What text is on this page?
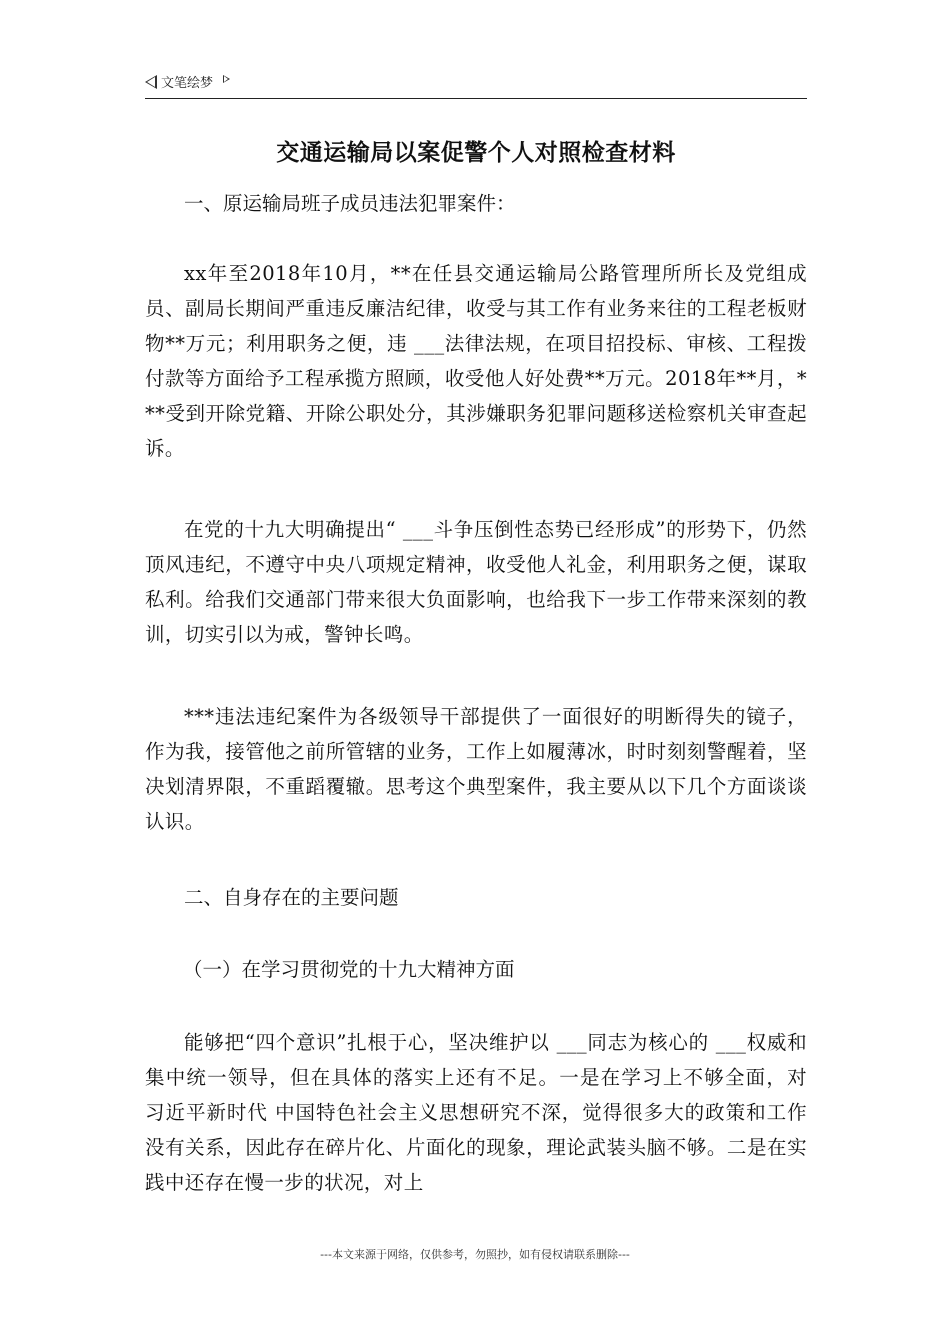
文笔绘梦
交通运输局以案促警个人对照检查材料
一、原运输局班子成员违法犯罪案件：
xx年至2018年10月，**在任县交通运输局公路管理所所长及党组成员、副局长期间严重违反廉洁纪律，收受与其工作有业务来往的工程老板财物**万元；利用职务之便，违 ___法律法规，在项目招投标、审核、工程拨付款等方面给予工程承揽方照顾，收受他人好处费**万元。2018年**月，***受到开除党籍、开除公职处分，其涉嫌职务犯罪问题移送检察机关审查起诉。
在党的十九大明确提出“ ___斗争压倒性态势已经形成”的形势下，仍然顶风违纪，不遵守中央八项规定精神，收受他人礼金，利用职务之便，谋取私利。给我们交通部门带来很大负面影响，也给我下一步工作带来深刻的教训，切实引以为戒，警钟长鸣。
***违法违纪案件为各级领导干部提供了一面很好的明断得失的镜子，作为我，接管他之前所管辖的业务，工作上如履薄冰，时时刻刻警醒着，坚决划清界限，不重蹈覆辙。思考这个典型案件，我主要从以下几个方面谈谈认识。
二、自身存在的主要问题
（一）在学习贯彻党的十九大精神方面
能够把“四个意识”扎根于心，坚决维护以 ___同志为核心的 ___权威和集中统一领导，但在具体的落实上还有不足。一是在学习上不够全面，对 习近平新时代 中国特色社会主义思想研究不深，觉得很多大的政策和工作没有关系，因此存在碎片化、片面化的现象，理论武装头脑不够。二是在实践中还存在慢一步的状况，对上
---本文来源于网络，仅供参考，勿照抄，如有侵权请联系删除---
